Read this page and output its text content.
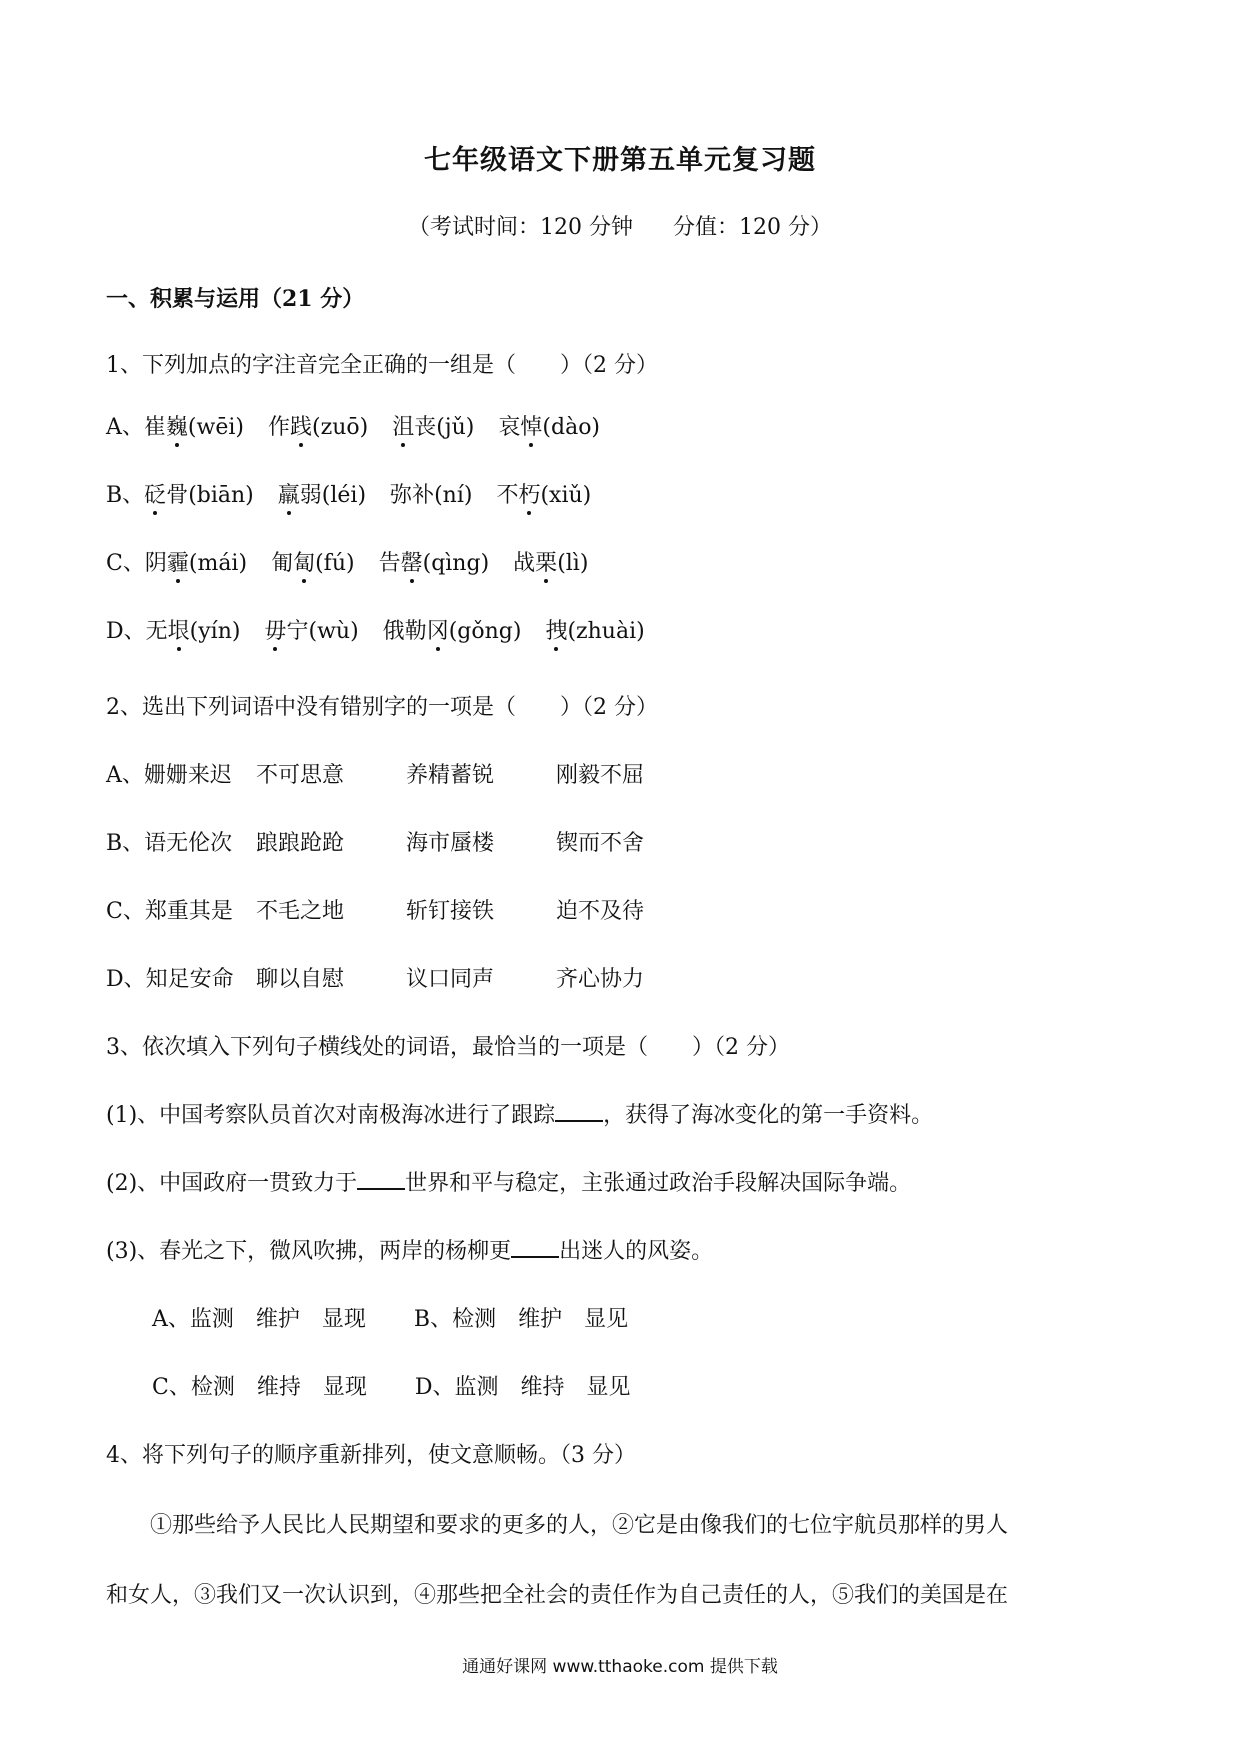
七年级语文下册第五单元复习题
（考试时间：120 分钟 分值：120 分）
一、积累与运用（21 分）
1、下列加点的字注音完全正确的一组是（　　）（2 分）
A、崔巍(wēi) 作践(zuō) 沮丧(jǔ) 哀悼(dào)
B、砭骨(biān) 羸弱(léi) 弥补(ní) 不朽(xiǔ)
C、阴霾(mái) 匍匐(fú) 告罄(qìng) 战栗(lì)
D、无垠(yín) 毋宁(wù) 俄勒冈(gǒng) 拽(zhuài)
2、选出下列词语中没有错别字的一项是（　　）（2 分）
A、姗姗来迟 不可思意	养精蓄锐	刚毅不屈
B、语无伦次 踉踉跄跄	海市蜃楼	锲而不舍
C、郑重其是 不毛之地	斩钉接铁	迫不及待
D、知足安命 聊以自慰	议口同声	齐心协力
3、依次填入下列句子横线处的词语，最恰当的一项是（　　）（2 分）
(1)、中国考察队员首次对南极海冰进行了跟踪 ，获得了海冰变化的第一手资料。
(2)、中国政府一贯致力于 世界和平与稳定，主张通过政治手段解决国际争端。
(3)、春光之下，微风吹拂，两岸的杨柳更 出迷人的风姿。
A、监测 维护 显现 B、检测 维护 显见
C、检测 维持 显现 D、监测 维持 显见
4、将下列句子的顺序重新排列，使文意顺畅。（3 分）
①那些给予人民比人民期望和要求的更多的人，②它是由像我们的七位宇航员那样的男人
和女人，③我们又一次认识到，④那些把全社会的责任作为自己责任的人，⑤我们的美国是在
通通好课网 www.tthaoke.com 提供下载
